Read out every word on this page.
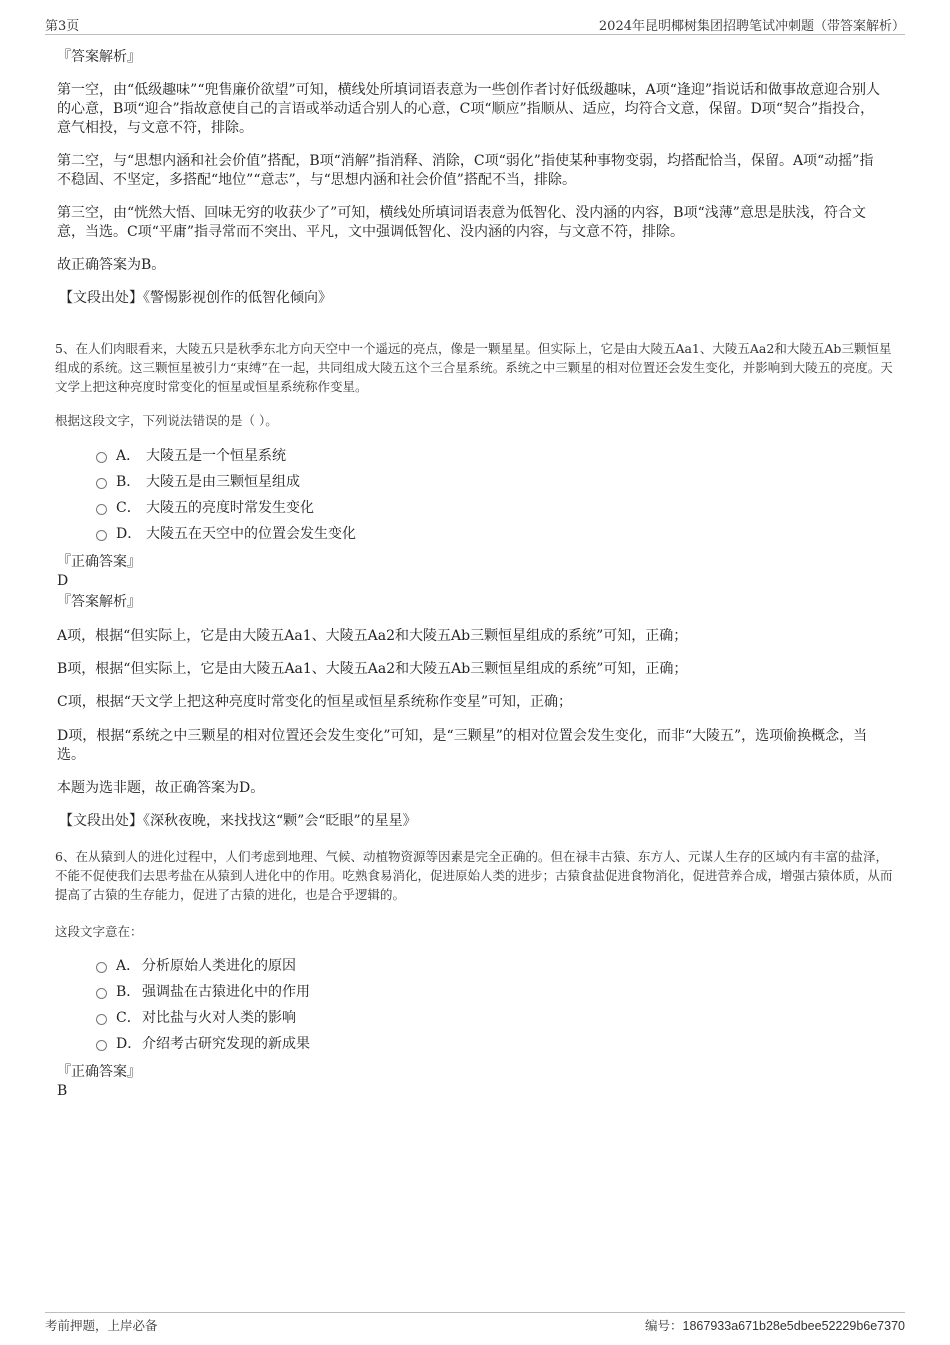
第3页	2024年昆明椰树集团招聘笔试冲刺题（带答案解析）
『答案解析』
第一空，由“低级趣味”“兜售廉价欲望”可知，横线处所填词语表意为一些创作者讨好低级趣味，A项“逢迎”指说话和做事故意迎合别人的心意，B项“迎合”指故意使自己的言语或举动适合别人的心意，C项“顺应”指顺从、适应，均符合文意，保留。D项“契合”指投合，意气相投，与文意不符，排除。
第二空，与“思想内涵和社会价值”搭配，B项“消解”指消释、消除，C项“弱化”指使某种事物变弱，均搭配恰当，保留。A项“动摇”指不稳固、不坚定，多搭配“地位”“意志”，与“思想内涵和社会价值”搭配不当，排除。
第三空，由“恍然大悟、回味无穷的收获少了”可知，横线处所填词语表意为低智化、没内涵的内容，B项“浅薄”意思是肤浅，符合文意，当选。C项“平庸”指寻常而不突出、平凡，文中强调低智化、没内涵的内容，与文意不符，排除。
故正确答案为B。
【文段出处】《警惕影视创作的低智化倾向》
5、在人们肉眼看来，大陵五只是秋季东北方向天空中一个遥远的亮点，像是一颗星星。但实际上，它是由大陵五Aa1、大陵五Aa2和大陵五Ab三颗恒星组成的系统。这三颗恒星被引力“束缚”在一起，共同组成大陵五这个三合星系统。系统之中三颗星的相对位置还会发生变化，并影响到大陵五的亮度。天文学上把这种亮度时常变化的恒星或恒星系统称作变星。
根据这段文字，下列说法错误的是（ ）。
A． 大陵五是一个恒星系统
B． 大陵五是由三颗恒星组成
C． 大陵五的亮度时常发生变化
D． 大陵五在天空中的位置会发生变化
『正确答案』
D
『答案解析』
A项，根据“但实际上，它是由大陵五Aa1、大陵五Aa2和大陵五Ab三颗恒星组成的系统”可知，正确；
B项，根据“但实际上，它是由大陵五Aa1、大陵五Aa2和大陵五Ab三颗恒星组成的系统”可知，正确；
C项，根据“天文学上把这种亮度时常变化的恒星或恒星系统称作变星”可知，正确；
D项，根据“系统之中三颗星的相对位置还会发生变化”可知，是“三颗星”的相对位置会发生变化，而非“大陵五”，选项偷换概念，当选。
本题为选非题，故正确答案为D。
【文段出处】《深秋夜晚，来找找这“颗”会“眨眼”的星星》
6、在从猿到人的进化过程中，人们考虑到地理、气候、动植物资源等因素是完全正确的。但在禄丰古猿、东方人、元谋人生存的区域内有丰富的盐泽，不能不促使我们去思考盐在从猿到人进化中的作用。吃熟食易消化，促进原始人类的进步；古猿食盐促进食物消化，促进营养合成，增强古猿体质，从而提高了古猿的生存能力，促进了古猿的进化，也是合乎逻辑的。
这段文字意在：
A． 分析原始人类进化的原因
B． 强调盐在古猿进化中的作用
C．对比盐与火对人类的影响
D．介绍考古研究发现的新成果
『正确答案』
B
考前押题，上岸必备	编号：1867933a671b28e5dbee52229b6e7370
